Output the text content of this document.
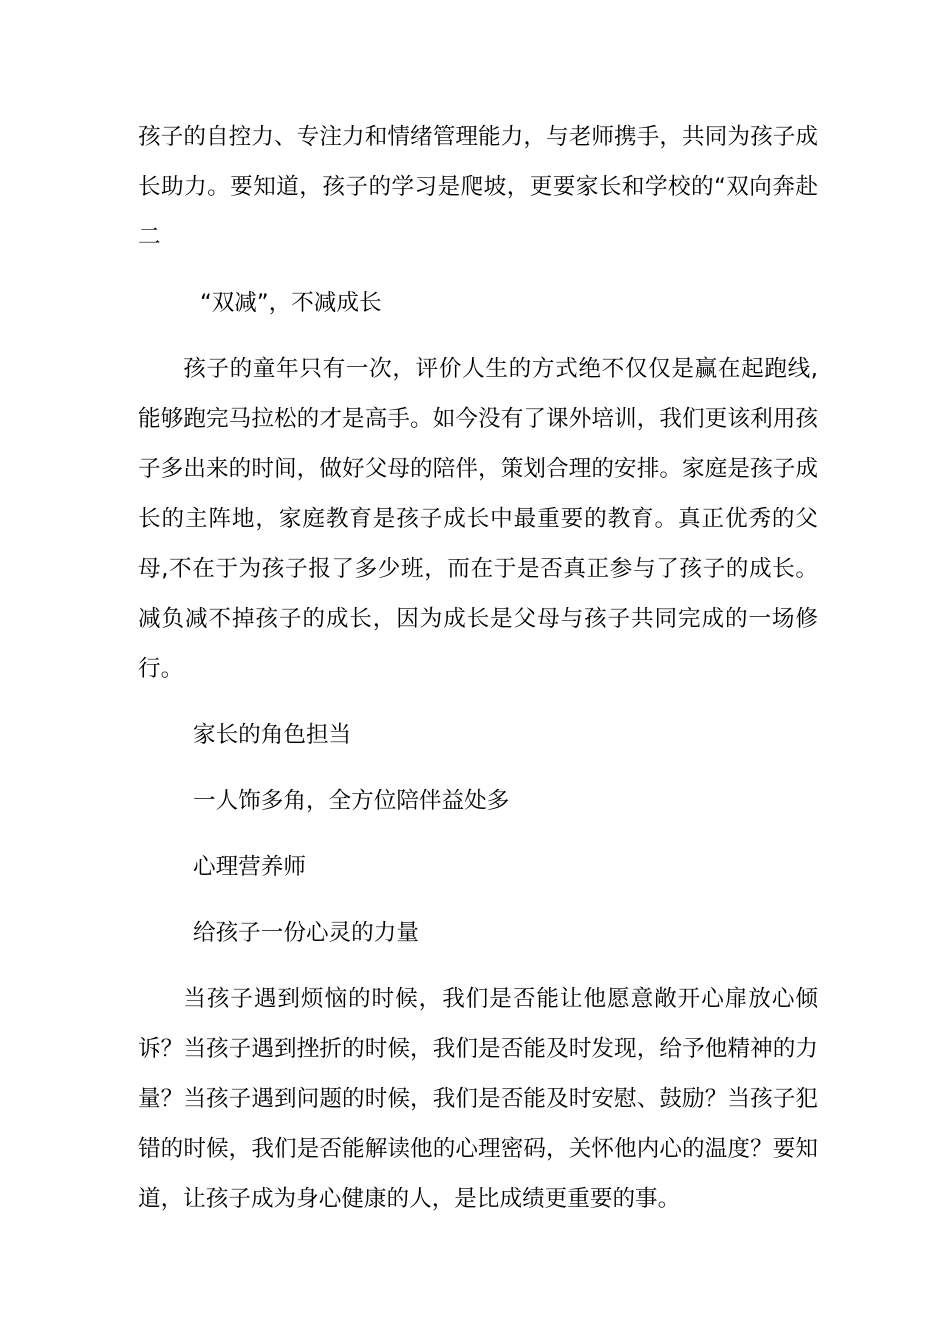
孩子的自控力、专注力和情绪管理能力，与老师携手，共同为孩子成长助力。要知道，孩子的学习是爬坡，更要家长和学校的“双向奔赴二

“双减”，不减成长

孩子的童年只有一次，评价人生的方式绝不仅仅是赢在起跑线,能够跑完马拉松的才是高手。如今没有了课外培训，我们更该利用孩子多出来的时间，做好父母的陪伴，策划合理的安排。家庭是孩子成长的主阵地，家庭教育是孩子成长中最重要的教育。真正优秀的父母,不在于为孩子报了多少班，而在于是否真正参与了孩子的成长。减负减不掉孩子的成长，因为成长是父母与孩子共同完成的一场修行。

家长的角色担当

一人饰多角，全方位陪伴益处多

心理营养师

给孩子一份心灵的力量

当孩子遇到烦恼的时候，我们是否能让他愿意敞开心扉放心倾诉？当孩子遇到挫折的时候，我们是否能及时发现，给予他精神的力量？当孩子遇到问题的时候，我们是否能及时安慰、鼓励？当孩子犯错的时候，我们是否能解读他的心理密码，关怀他内心的温度？要知道，让孩子成为身心健康的人，是比成绩更重要的事。
